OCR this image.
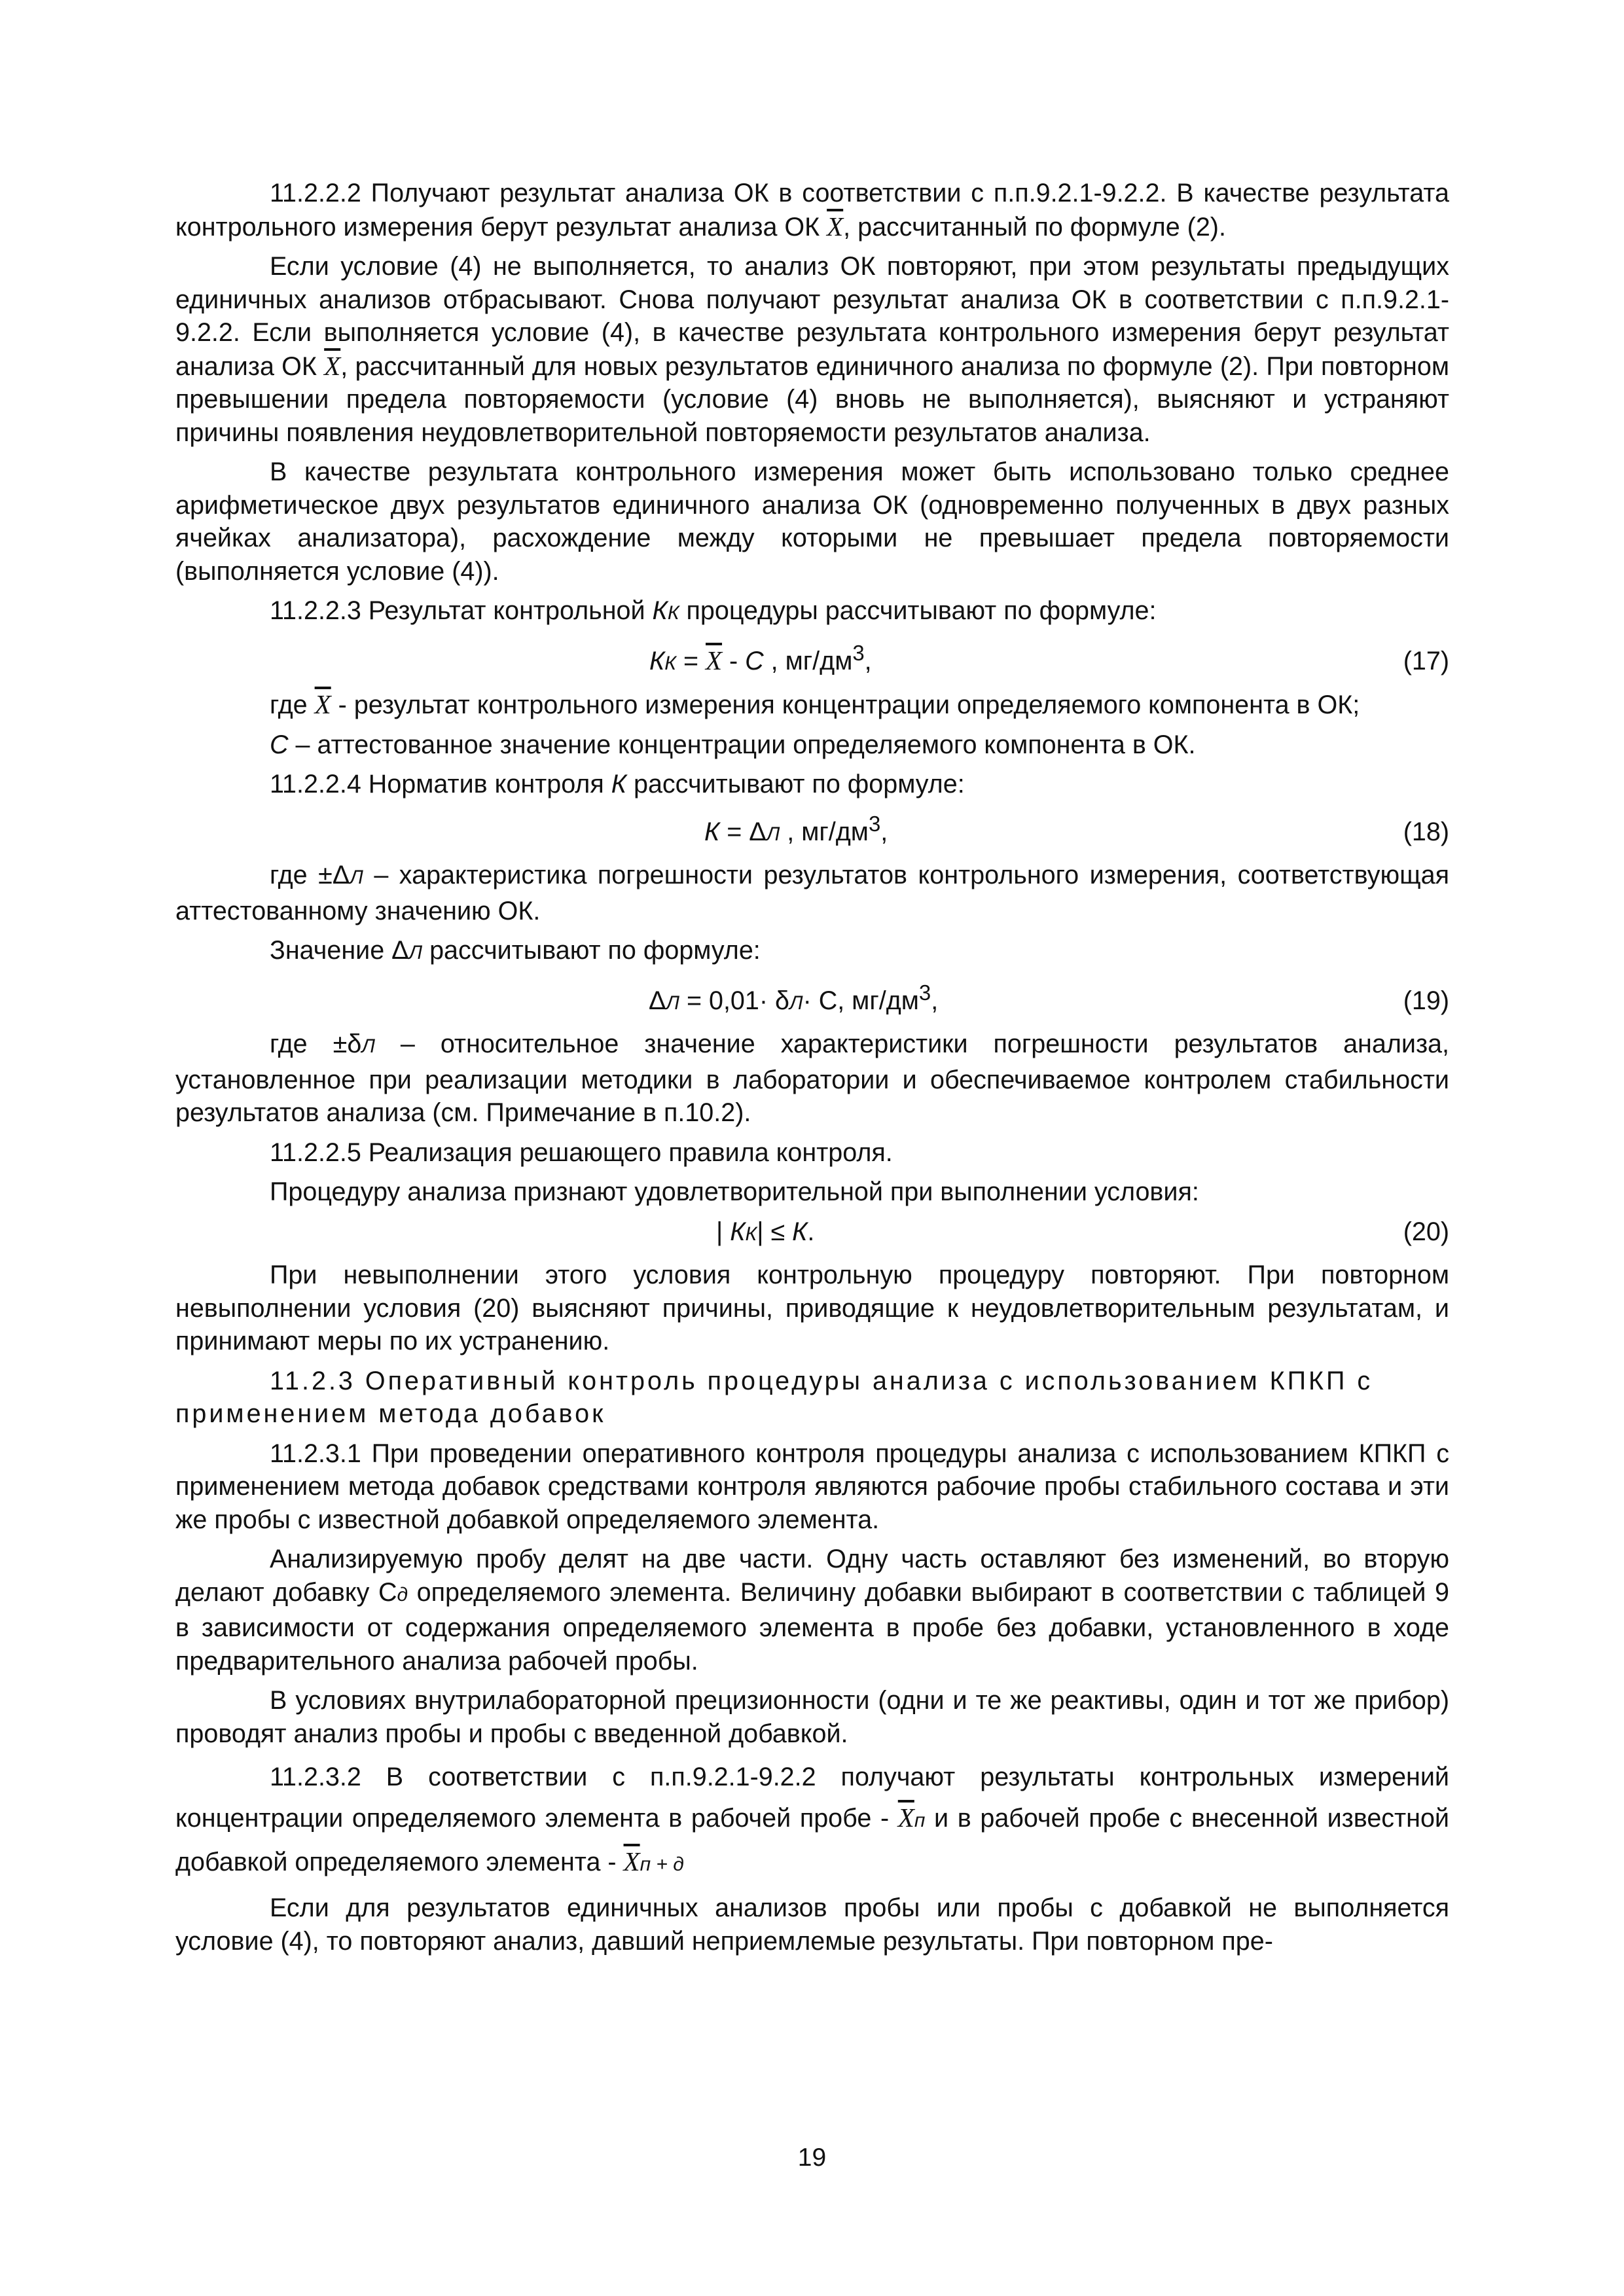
11.2.2.2 Получают результат анализа ОК в соответствии с п.п.9.2.1-9.2.2. В качестве результата контрольного измерения берут результат анализа ОК $\overline{X}$, рассчитанный по формуле (2).

Если условие (4) не выполняется, то анализ ОК повторяют, при этом результаты предыдущих единичных анализов отбрасывают. Снова получают результат анализа ОК в соответствии с п.п.9.2.1-9.2.2. Если выполняется условие (4), в качестве результата контрольного измерения берут результат анализа ОК $\overline{X}$, рассчитанный для новых результатов единичного анализа по формуле (2). При повторном превышении предела повторяемости (условие (4) вновь не выполняется), выясняют и устраняют причины появления неудовлетворительной повторяемости результатов анализа.

В качестве результата контрольного измерения может быть использовано только среднее арифметическое двух результатов единичного анализа ОК (одновременно полученных в двух разных ячейках анализатора), расхождение между которыми не превышает предела повторяемости (выполняется условие (4)).

11.2.2.3 Результат контрольной КК процедуры рассчитывают по формуле:

КК = $\overline{X}$ - С , $мг/дм^3$,	(17)

где $\overline{X}$ - результат контрольного измерения концентрации определяемого компонента в ОК;

С – аттестованное значение концентрации определяемого компонента в ОК.

11.2.2.4 Норматив контроля К рассчитывают по формуле:

К = ΔЛ , $мг/дм^3$,	(18)

где ±ΔЛ – характеристика погрешности результатов контрольного измерения, соответствующая аттестованному значению ОК.

Значение ΔЛ рассчитывают по формуле:

ΔЛ = 0,01· δЛ· С, $мг/дм^3$,	(19)

где ±δЛ – относительное значение характеристики погрешности результатов анализа, установленное при реализации методики в лаборатории и обеспечиваемое контролем стабильности результатов анализа (см. Примечание в п.10.2).

11.2.2.5 Реализация решающего правила контроля.

Процедуру анализа признают удовлетворительной при выполнении условия:

| КК| ≤ К.	(20)

При невыполнении этого условия контрольную процедуру повторяют. При повторном невыполнении условия (20) выясняют причины, приводящие к неудовлетворительным результатам, и принимают меры по их устранению.

11.2.3 Оперативный контроль процедуры анализа с использованием КПКП с применением метода добавок

11.2.3.1 При проведении оперативного контроля процедуры анализа с использованием КПКП с применением метода добавок средствами контроля являются рабочие пробы стабильного состава и эти же пробы с известной добавкой определяемого элемента.

Анализируемую пробу делят на две части. Одну часть оставляют без изменений, во вторую делают добавку Сд определяемого элемента. Величину добавки выбирают в соответствии с таблицей 9 в зависимости от содержания определяемого элемента в пробе без добавки, установленного в ходе предварительного анализа рабочей пробы.

В условиях внутрилабораторной прецизионности (одни и те же реактивы, один и тот же прибор) проводят анализ пробы и пробы с введенной добавкой.

11.2.3.2 В соответствии с п.п.9.2.1-9.2.2 получают результаты контрольных измерений концентрации определяемого элемента в рабочей пробе - $\overline{X}п$ и в рабочей пробе с внесенной известной добавкой определяемого элемента - $\overline{X}п + д$

Если для результатов единичных анализов пробы или пробы с добавкой не выполняется условие (4), то повторяют анализ, давший неприемлемые результаты. При повторном пре-

19
